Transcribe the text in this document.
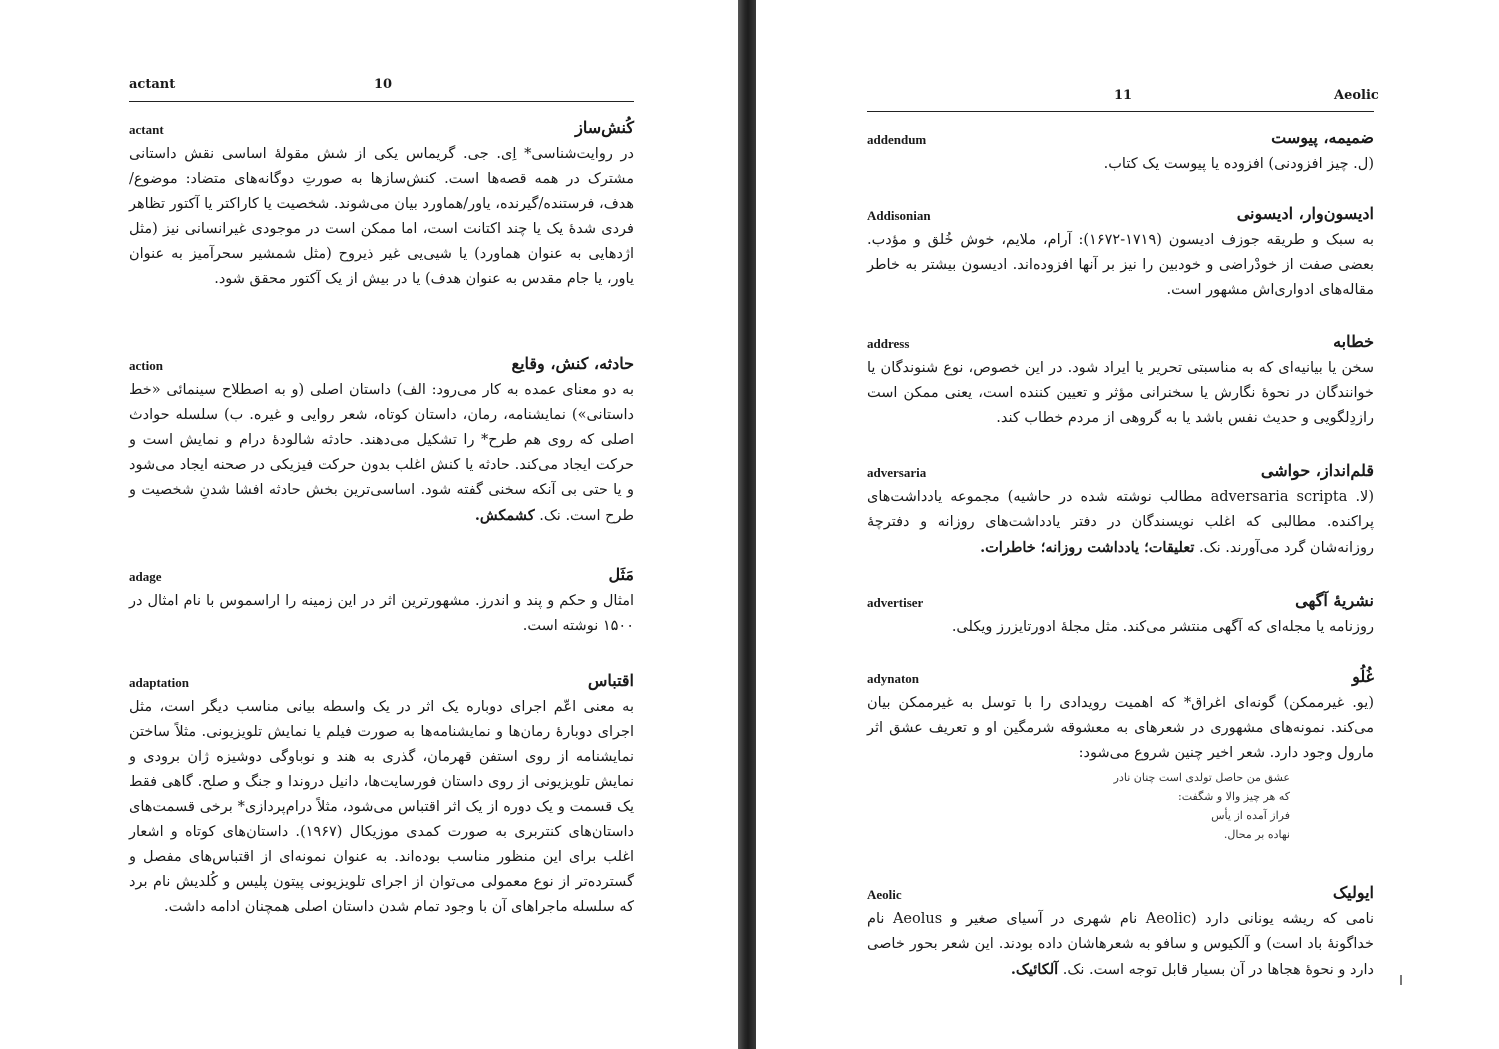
actant	10
actant	کُنش‌ساز

در روایت‌شناسی* اِی. جی. گریماس یکی از شش مقولهٔ اساسی نقش داستانی مشترک در همه قصه‌ها است. کنش‌سازها به صورتِ دوگانه‌های متضاد: موضوع/هدف، فرستنده/گیرنده، یاور/هماورد بیان می‌شوند. شخصیت یا کاراکتر یا آکتور تظاهر فردی شدهٔ یک یا چند اکتانت است، اما ممکن است در موجودی غیرانسانی نیز (مثل اژدهایی به عنوان هماورد) یا شیی‌یی غیر ذیروح (مثل شمشیر سحرآمیز به عنوان یاور، یا جام مقدس به عنوان هدف) یا در بیش از یک آکتور محقق شود.

action	حادثه، کنش، وقایع

به دو معنای عمده به کار می‌رود: الف) داستان اصلی (و به اصطلاح سینمائی «خط داستانی») نمایشنامه، رمان، داستان کوتاه، شعر روایی و غیره. ب) سلسله حوادث اصلی که روی هم طرح* را تشکیل می‌دهند. حادثه شالودهٔ درام و نمایش است و حرکت ایجاد می‌کند. حادثه یا کنش اغلب بدون حرکت فیزیکی در صحنه ایجاد می‌شود و یا حتی بی آنکه سخنی گفته شود. اساسی‌ترین بخش حادثه افشا شدنِ شخصیت و طرح است. نک. کشمکش.

adage	مَثَل

امثال و حکم و پند و اندرز. مشهورترین اثر در این زمینه را اراسموس با نام امثال در ۱۵۰۰ نوشته است.

adaptation	اقتباس

به معنی اعّم اجرای دوباره یک اثر در یک واسطه بیانی مناسب دیگر است، مثل اجرای دوبارهٔ رمان‌ها و نمایشنامه‌ها به صورت فیلم یا نمایش تلویزیونی. مثلاً ساختن نمایشنامه از روی استفن قهرمان، گذری به هند و نوباوگی دوشیزه ژان برودی و نمایش تلویزیونی از روی داستان فورسایت‌ها، دانیل دروندا و جنگ و صلح. گاهی فقط یک قسمت و یک دوره از یک اثر اقتباس می‌شود، مثلاً درام‌پردازی* برخی قسمت‌های داستان‌های کنتربری به صورت کمدی موزیکال (۱۹۶۷). داستان‌های کوتاه و اشعار اغلب برای این منظور مناسب بوده‌اند. به عنوان نمونه‌ای از اقتباس‌های مفصل و گسترده‌تر از نوع معمولی می‌توان از اجرای تلویزیونی پیتون پلیس و کُلدیش نام برد که سلسله ماجراهای آن با وجود تمام شدن داستان اصلی همچنان ادامه داشت.

11	Aeolic
addendum	ضمیمه، پیوست

(ل. چیز افزودنی) افزوده یا پیوست یک کتاب.

Addisonian	ادیسون‌وار، ادیسونی

به سبک و طریقه جوزف ادیسون (۱۷۱۹-۱۶۷۲): آرام، ملایم، خوش خُلق و مؤدب. بعضی صفت از خودْراضی و خودبین را نیز بر آنها افزوده‌اند. ادیسون بیشتر به خاطر مقاله‌های ادواری‌اش مشهور است.

address	خطابه

سخن یا بیانیه‌ای که به مناسبتی تحریر یا ایراد شود. در این خصوص، نوع شنوندگان یا خوانندگان در نحوهٔ نگارش یا سخنرانی مؤثر و تعیین کننده است، یعنی ممکن است رازدِلگویی و حدیث نفس باشد یا به گروهی از مردم خطاب کند.

adversaria	قلم‌انداز، حواشی

(لا. adversaria scripta مطالب نوشته شده در حاشیه) مجموعه یادداشت‌های پراکنده. مطالبی که اغلب نویسندگان در دفتر یادداشت‌های روزانه و دفترچهٔ روزانه‌شان گرد می‌آورند. نک. تعلیقات؛ یادداشت روزانه؛ خاطرات.

advertiser	نشریهٔ آگهی

روزنامه یا مجله‌ای که آگهی منتشر می‌کند. مثل مجلهٔ ادورتایزرز ویکلی.

adynaton	غُلُو

(یو. غیرممکن) گونه‌ای اغراق* که اهمیت رویدادی را با توسل به غیرممکن بیان می‌کند. نمونه‌های مشهوری در شعرهای به معشوقه شرمگین او و تعریف عشق اثر مارول وجود دارد. شعر اخیر چنین شروع می‌شود:

عشق من حاصل تولدی است چنان نادر
که هر چیز والا و شگفت:
فراز آمده از یأس
نهاده بر محال.
Aeolic	ایولیک

نامی که ریشه یونانی دارد (Aeolic نام شهری در آسیای صغیر و Aeolus نام خداگونهٔ باد است) و آلکیوس و سافو به شعرهاشان داده بودند. این شعر بحور خاصی دارد و نحوهٔ هجاها در آن بسیار قابل توجه است. نک. آلکائیک.
